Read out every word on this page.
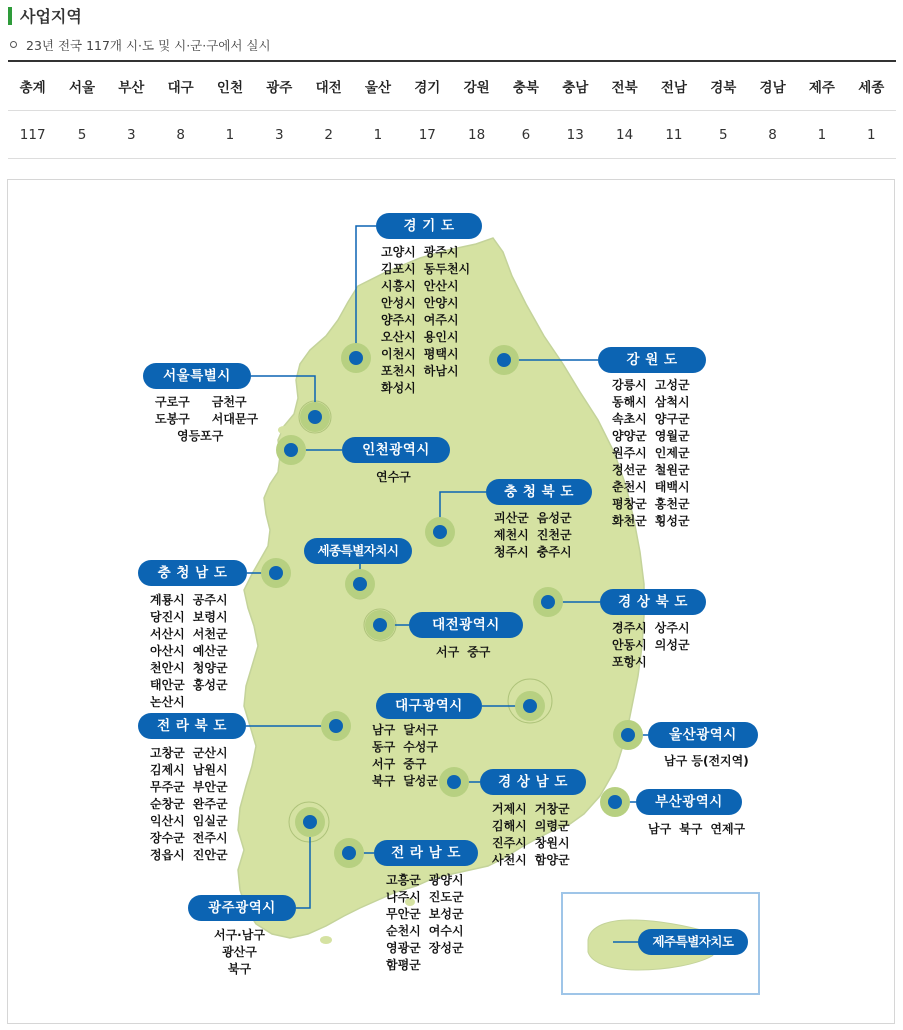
사업지역
23년 전국 117개 시·도 및 시·군·구에서 실시
총계	서울	부산	대구	인천	광주	대전	울산	경기	강원	충북	충남	전북	전남	경북	경남	제주	세종
117	5	3	8	1	3	2	1	17	18	6	13	14	11	5	8	1	1
경 기 도
강 원 도
서울특별시
인천광역시
충 청 북 도
세종특별자치시
충 청 남 도
대전광역시
경 상 북 도
대구광역시
전 라 북 도
울산광역시
경 상 남 도
부산광역시
전 라 남 도
광주광역시
제주특별자치도
고양시 광주시
김포시 동두천시
시흥시 안산시
안성시 안양시
양주시 여주시
오산시 용인시
이천시 평택시
포천시 하남시
화성시	강릉시 고성군
동해시 삼척시
속초시 양구군
양양군 영월군
원주시 인제군
정선군 철원군
춘천시 태백시
평창군 홍천군
화천군 횡성군
구로구 금천구
도봉구 서대문구
영등포구
연수구
괴산군 음성군
제천시 진천군
청주시 충주시
계룡시 공주시
당진시 보령시
서산시 서천군
아산시 예산군
천안시 청양군
태안군 홍성군
논산시
서구 중구
경주시 상주시
안동시 의성군
포항시
남구 달서구
동구 수성구
서구 중구
북구 달성군
고창군 군산시
김제시 남원시
무주군 부안군
순창군 완주군
익산시 임실군
장수군 전주시
정읍시 진안군
남구 등(전지역)
거제시 거창군
김해시 의령군
진주시 창원시
사천시 함양군
남구 북구 연제구
고흥군 광양시
나주시 진도군
무안군 보성군
순천시 여수시
영광군 장성군
함평군
서구·남구
광산구
북구
